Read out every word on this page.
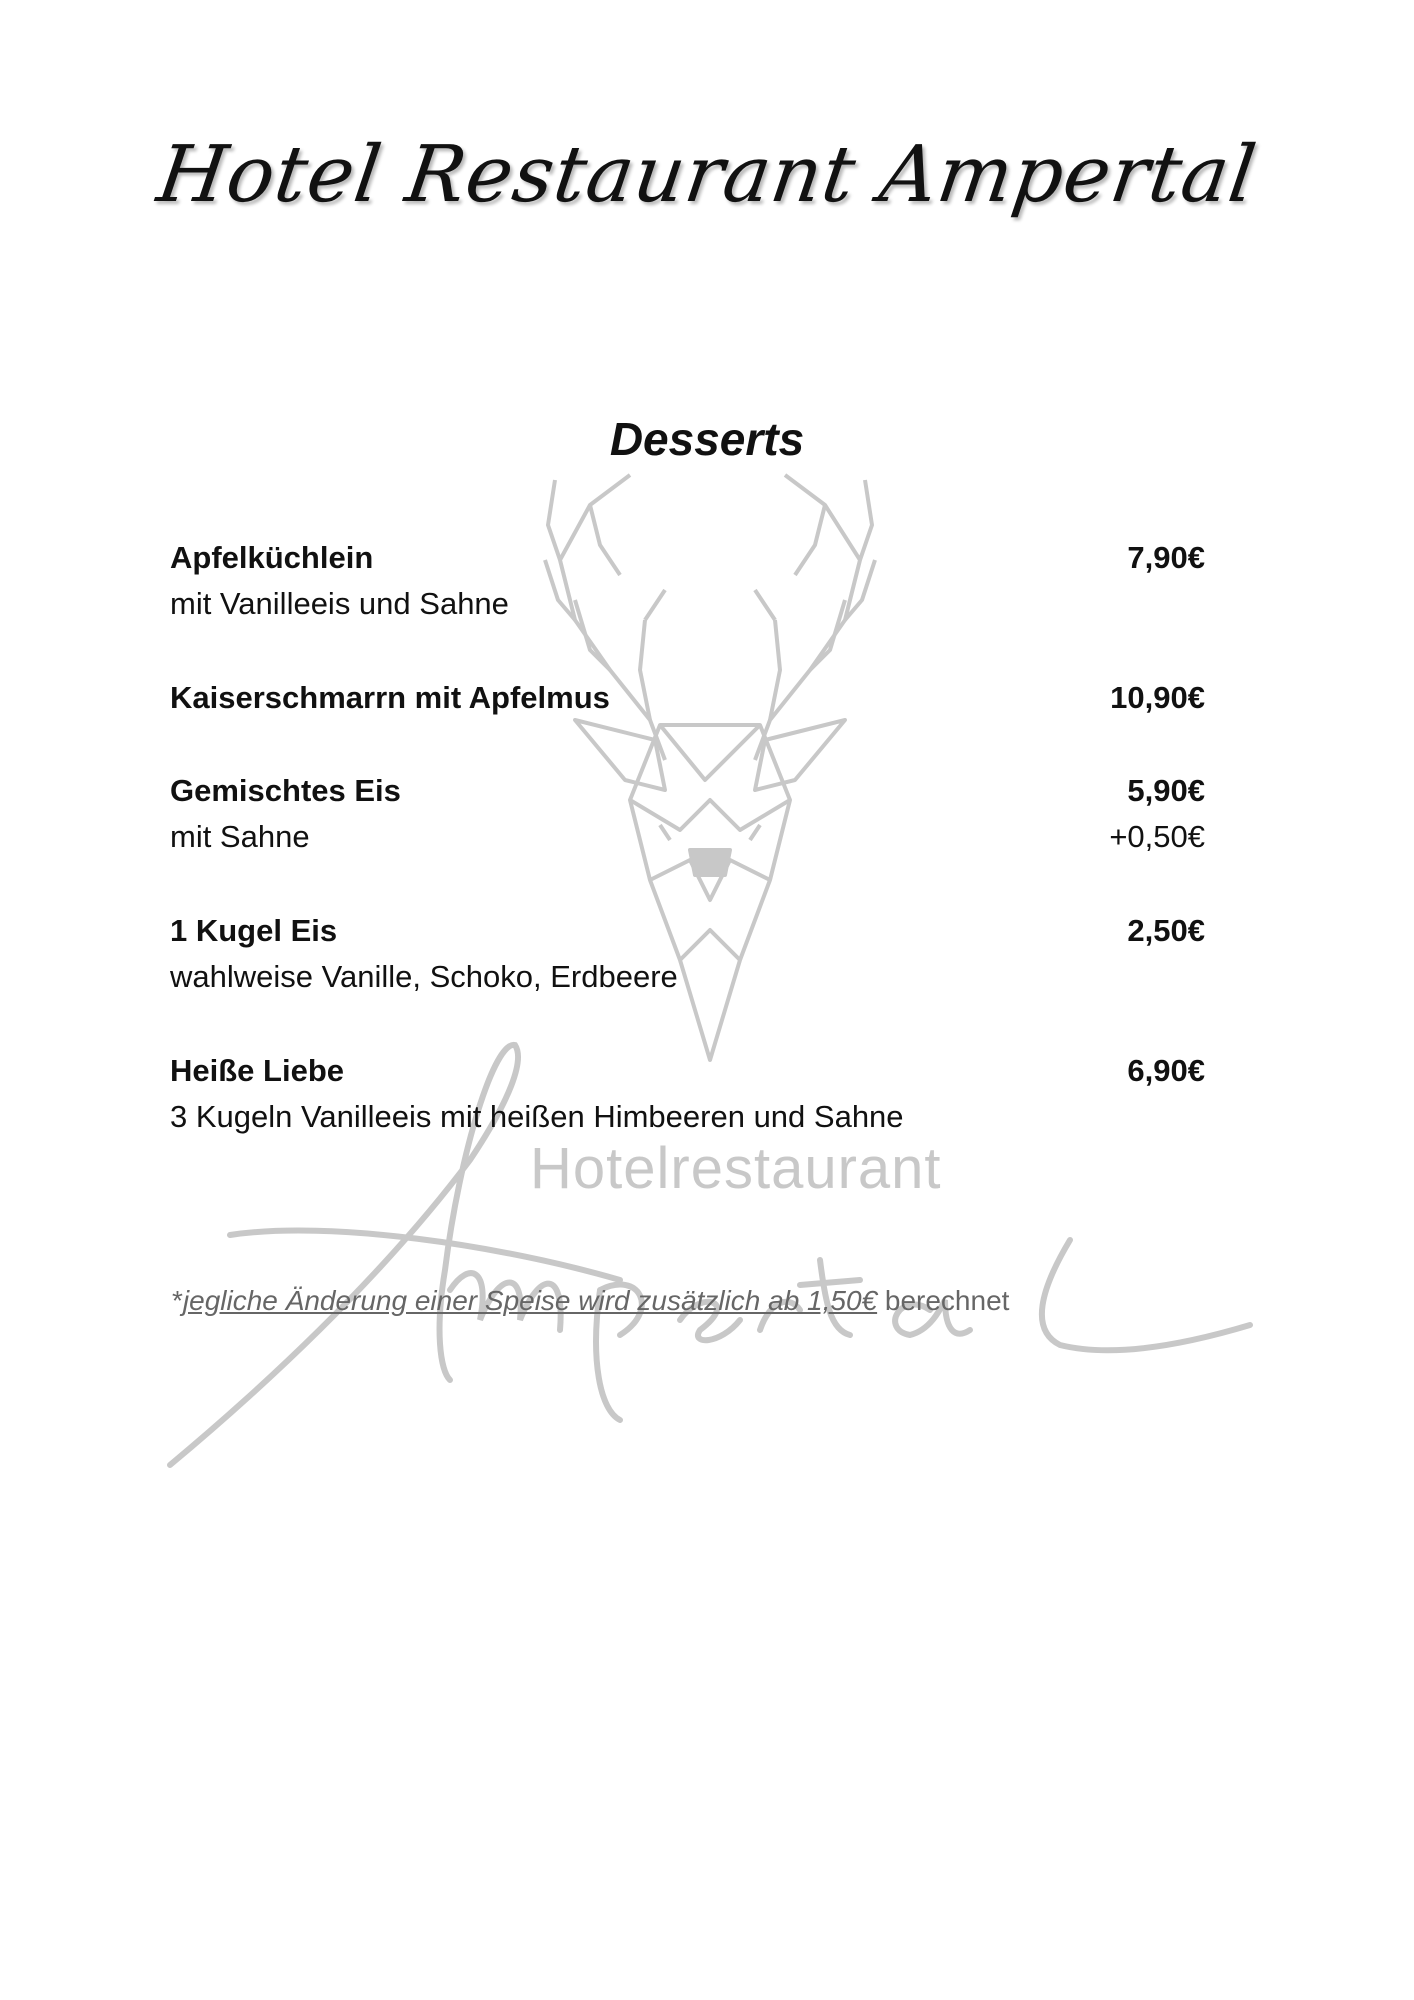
Hotelrestaurant
Hotel Restaurant Ampertal
Desserts
Apfelküchlein	7,90€
mit Vanilleeis und Sahne
Kaiserschmarrn mit Apfelmus	10,90€
Gemischtes Eis	5,90€
mit Sahne	+0,50€
1 Kugel Eis	2,50€
wahlweise Vanille, Schoko, Erdbeere
Heiße Liebe	6,90€
3 Kugeln Vanilleeis mit heißen Himbeeren und Sahne
*jegliche Änderung einer Speise wird zusätzlich ab 1,50€ berechnet
